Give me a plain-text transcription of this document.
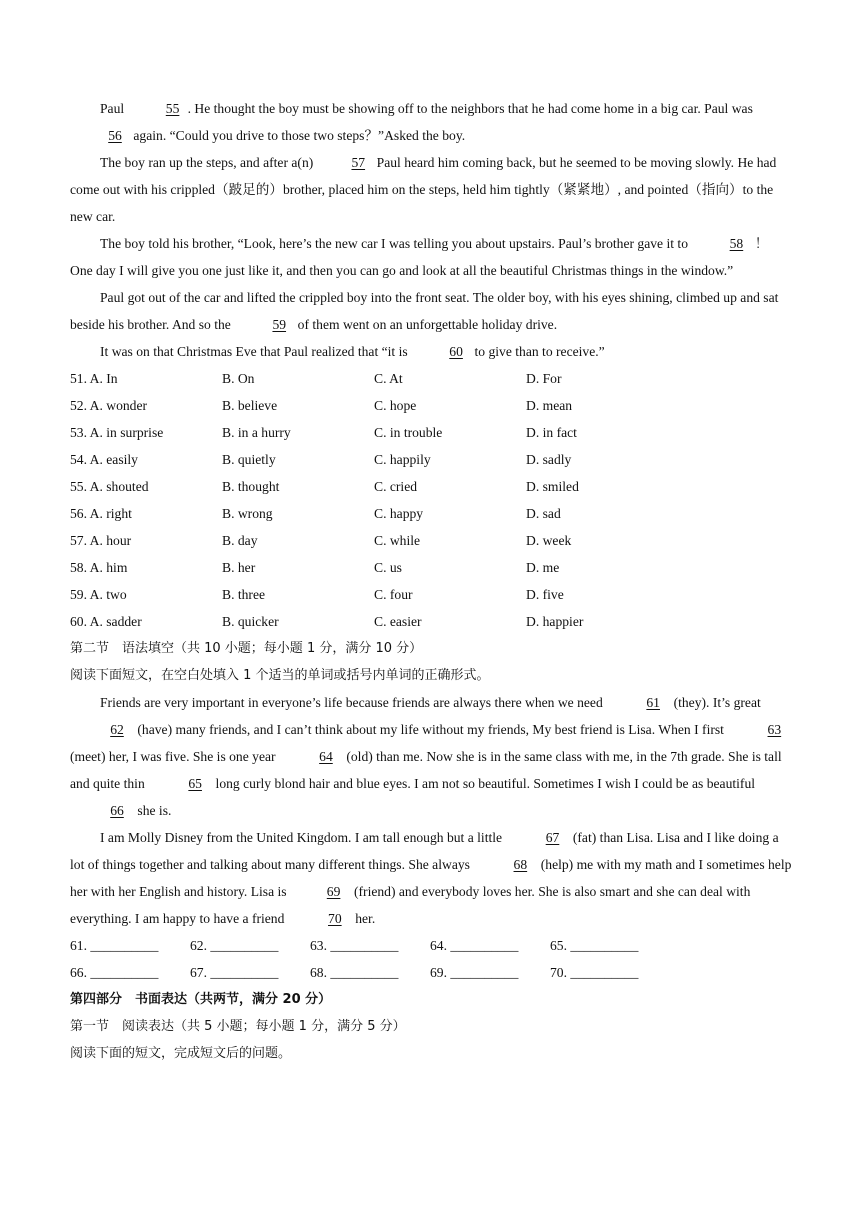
Paul	55 . He thought the boy must be showing off to the neighbors that he had come home in a big car. Paul was 56 again. “Could you drive to those two steps？”Asked the boy.

The boy ran up the steps, and after a(n)	57 Paul heard him coming back, but he seemed to be moving slowly. He had come out with his crippled（跛足的）brother, placed him on the steps, held him tightly（紧紧地）, and pointed（指向）to the new car.

The boy told his brother, “Look, here’s the new car I was telling you about upstairs. Paul’s brother gave it to	58 ！ One day I will give you one just like it, and then you can go and look at all the beautiful Christmas things in the window.”

Paul got out of the car and lifted the crippled boy into the front seat. The older boy, with his eyes shining, climbed up and sat beside his brother. And so the	59 of them went on an unforgettable holiday drive.

It was on that Christmas Eve that Paul realized that “it is	60 to give than to receive.”

51. A. In	B. On	C. At	D. For
52. A. wonder	B. believe	C. hope	D. mean
53. A. in surprise	B. in a hurry	C. in trouble	D. in fact
54. A. easily	B. quietly	C. happily	D. sadly
55. A. shouted	B. thought	C. cried	D. smiled
56. A. right	B. wrong	C. happy	D. sad
57. A. hour	B. day	C. while	D. week
58. A. him	B. her	C. us	D. me
59. A. two	B. three	C. four	D. five
60. A. sadder	B. quicker	C. easier	D. happier

第二节　语法填空（共 10 小题；每小题 1 分，满分 10 分）

阅读下面短文，在空白处填入 1 个适当的单词或括号内单词的正确形式。

Friends are very important in everyone’s life because friends are always there when we need	61 (they). It’s great 62 (have) many friends, and I can’t think about my life without my friends, My best friend is Lisa. When I first	63 (meet) her, I was five. She is one year	64 (old) than me. Now she is in the same class with me, in the 7th grade. She is tall and quite thin	65 long curly blond hair and blue eyes. I am not so beautiful. Sometimes I wish I could be as beautiful 66 she is.

I am Molly Disney from the United Kingdom. I am tall enough but a little	67 (fat) than Lisa. Lisa and I like doing a lot of things together and talking about many different things. She always	68 (help) me with my math and I sometimes help her with her English and history. Lisa is	69 (friend) and everybody loves her. She is also smart and she can deal with everything. I am happy to have a friend	70 her.

61. __________	62. __________	63. __________	64. __________	65. __________
66. __________	67. __________	68. __________	69. __________	70. __________

第四部分　书面表达（共两节，满分 20 分）

第一节　阅读表达（共 5 小题；每小题 1 分，满分 5 分）

阅读下面的短文，完成短文后的问题。
